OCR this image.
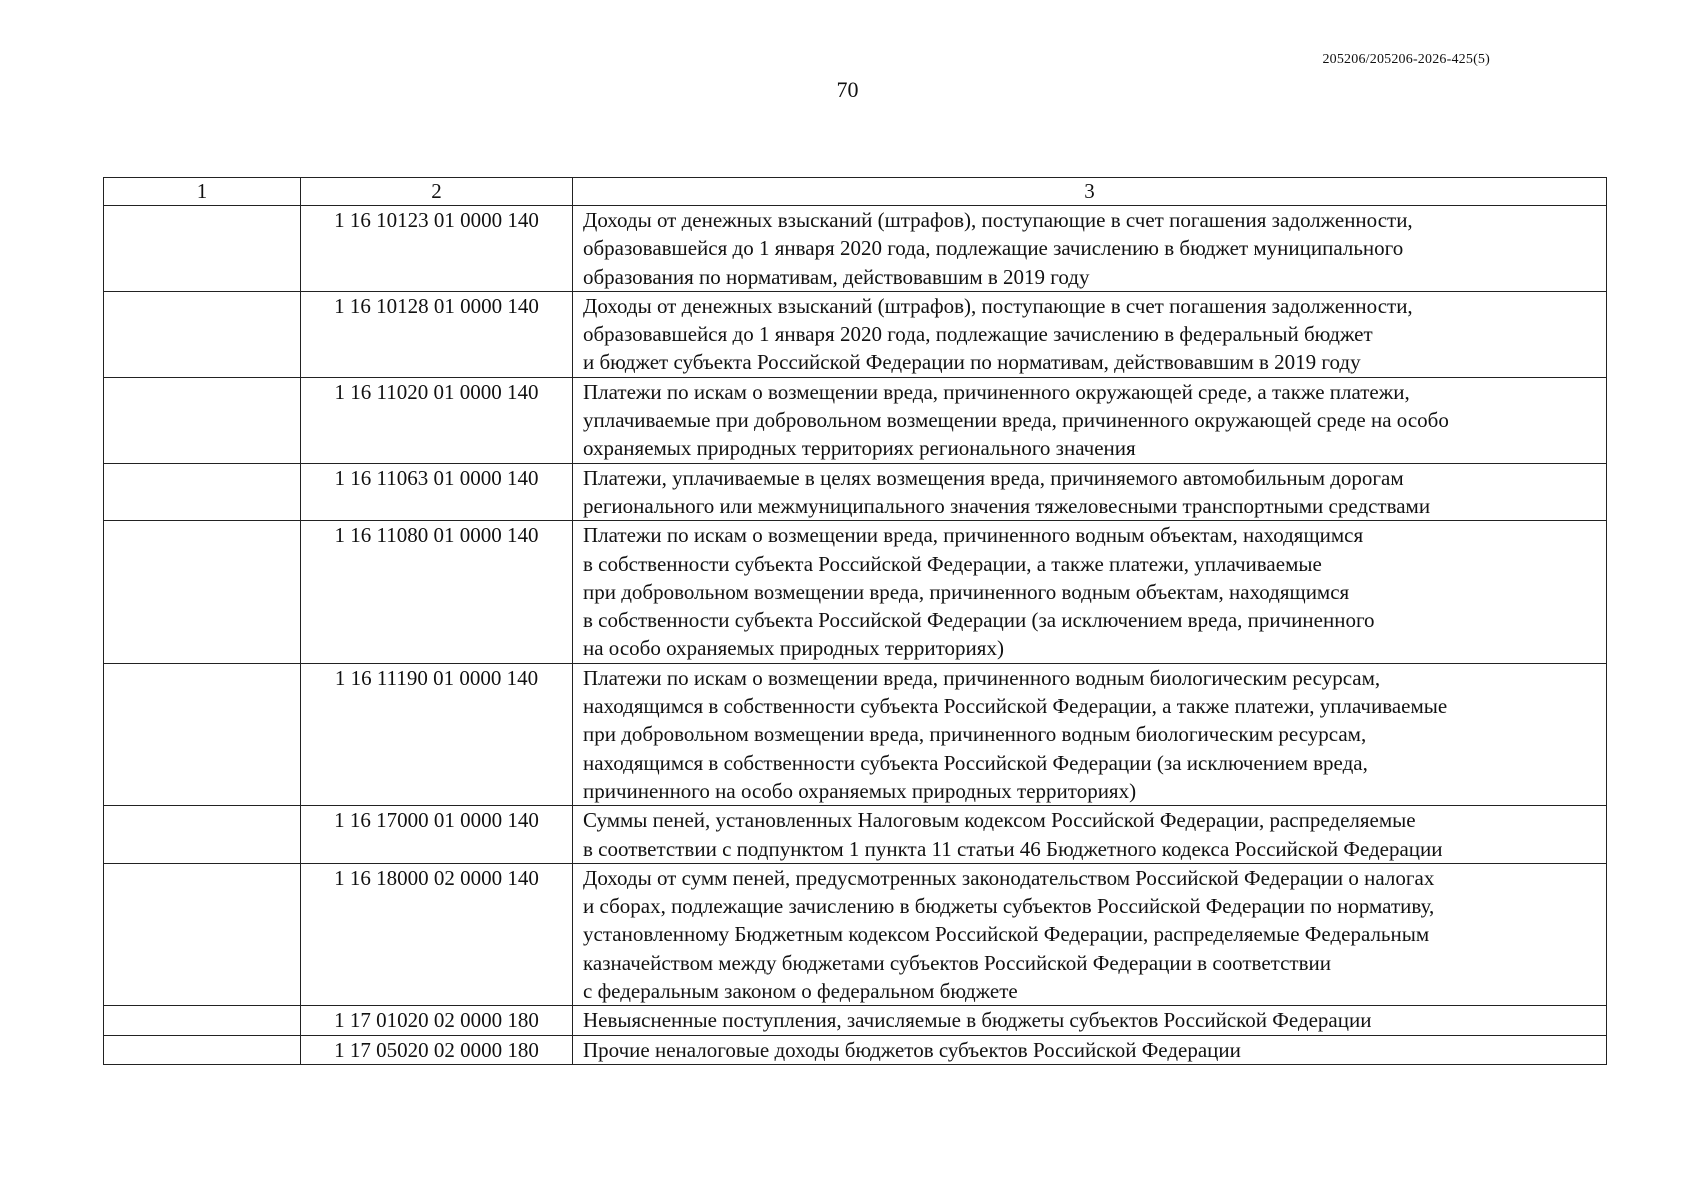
205206/205206-2026-425(5)
70
1	2	3
	1 16 10123 01 0000 140	Доходы от денежных взысканий (штрафов), поступающие в счет погашения задолженности,
образовавшейся до 1 января 2020 года, подлежащие зачислению в бюджет муниципального
образования по нормативам, действовавшим в 2019 году

	1 16 10128 01 0000 140	Доходы от денежных взысканий (штрафов), поступающие в счет погашения задолженности,
образовавшейся до 1 января 2020 года, подлежащие зачислению в федеральный бюджет
и бюджет субъекта Российской Федерации по нормативам, действовавшим в 2019 году

	1 16 11020 01 0000 140	Платежи по искам о возмещении вреда, причиненного окружающей среде, а также платежи,
уплачиваемые при добровольном возмещении вреда, причиненного окружающей среде на особо
охраняемых природных территориях регионального значения

	1 16 11063 01 0000 140	Платежи, уплачиваемые в целях возмещения вреда, причиняемого автомобильным дорогам
регионального или межмуниципального значения тяжеловесными транспортными средствами

	1 16 11080 01 0000 140	Платежи по искам о возмещении вреда, причиненного водным объектам, находящимся
в собственности субъекта Российской Федерации, а также платежи, уплачиваемые
при добровольном возмещении вреда, причиненного водным объектам, находящимся
в собственности субъекта Российской Федерации (за исключением вреда, причиненного
на особо охраняемых природных территориях)

	1 16 11190 01 0000 140	Платежи по искам о возмещении вреда, причиненного водным биологическим ресурсам,
находящимся в собственности субъекта Российской Федерации, а также платежи, уплачиваемые
при добровольном возмещении вреда, причиненного водным биологическим ресурсам,
находящимся в собственности субъекта Российской Федерации (за исключением вреда,
причиненного на особо охраняемых природных территориях)

	1 16 17000 01 0000 140	Суммы пеней, установленных Налоговым кодексом Российской Федерации, распределяемые
в соответствии с подпунктом 1 пункта 11 статьи 46 Бюджетного кодекса Российской Федерации

	1 16 18000 02 0000 140	Доходы от сумм пеней, предусмотренных законодательством Российской Федерации о налогах
и сборах, подлежащие зачислению в бюджеты субъектов Российской Федерации по нормативу,
установленному Бюджетным кодексом Российской Федерации, распределяемые Федеральным
казначейством между бюджетами субъектов Российской Федерации в соответствии
с федеральным законом о федеральном бюджете

	1 17 01020 02 0000 180	Невыясненные поступления, зачисляемые в бюджеты субъектов Российской Федерации

	1 17 05020 02 0000 180	Прочие неналоговые доходы бюджетов субъектов Российской Федерации
